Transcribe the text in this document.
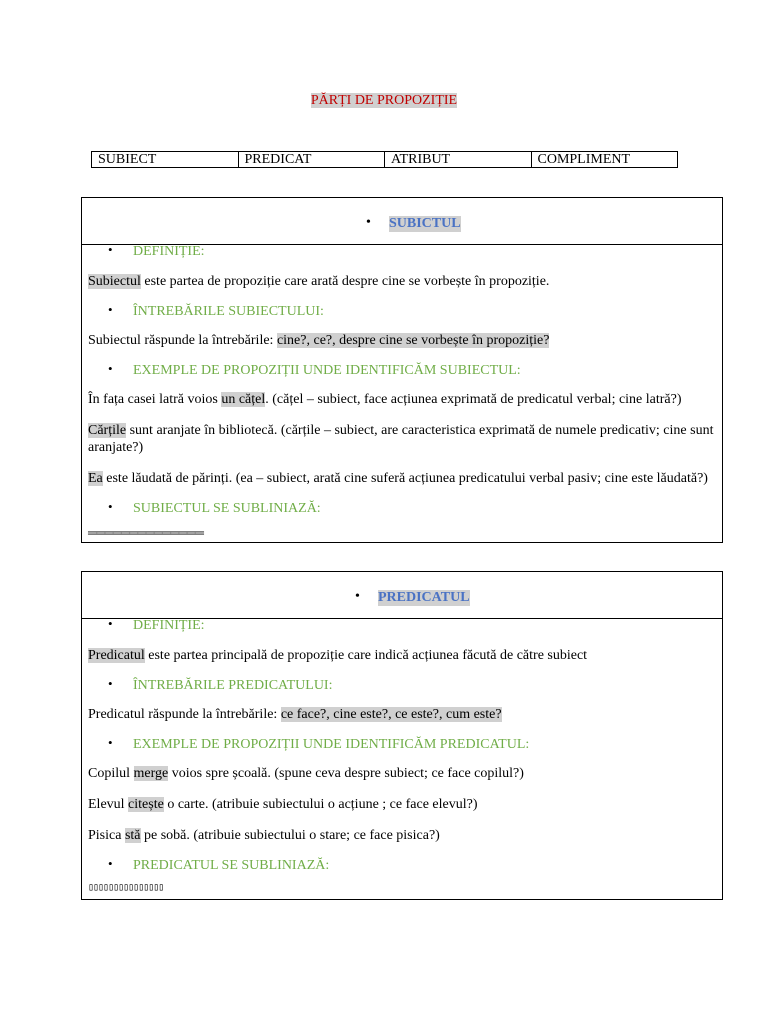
PĂRȚI DE PROPOZIȚIE
SUBIECT	PREDICAT	ATRIBUT	COMPLIMENT
• SUBICTUL
• DEFINIȚIE:
Subiectul este partea de propoziție care arată despre cine se vorbește în propoziție.
• ÎNTREBĂRILE SUBIECTULUI:
Subiectul răspunde la întrebările: cine?, ce?, despre cine se vorbește în propoziție?
• EXEMPLE DE PROPOZIȚII UNDE IDENTIFICĂM SUBIECTUL:
În fața casei latră voios un cățel. (cățel – subiect, face acțiunea exprimată de predicatul verbal; cine latră?)
Cărțile sunt aranjate în bibliotecă. (cărțile – subiect, are caracteristica exprimată de numele predicativ; cine sunt aranjate?)
Ea este lăudată de părinți. (ea – subiect, arată cine suferă acțiunea predicatului verbal pasiv; cine este lăudată?)
• SUBIECTUL SE SUBLINIAZĂ:
══════════════
• PREDICATUL
• DEFINIȚIE:
Predicatul este partea principală de propoziție care indică acțiunea făcută de către subiect
• ÎNTREBĂRILE PREDICATULUI:
Predicatul răspunde la întrebările: ce face?, cine este?, ce este?, cum este?
• EXEMPLE DE PROPOZIȚII UNDE IDENTIFICĂM PREDICATUL:
Copilul merge voios spre școală. (spune ceva despre subiect; ce face copilul?)
Elevul citește o carte. (atribuie subiectului o acțiune ; ce face elevul?)
Pisica stă pe sobă. (atribuie subiectului o stare; ce face pisica?)
• PREDICATUL SE SUBLINIAZĂ:
▯▯▯▯▯▯▯▯▯▯▯▯▯▯▯
